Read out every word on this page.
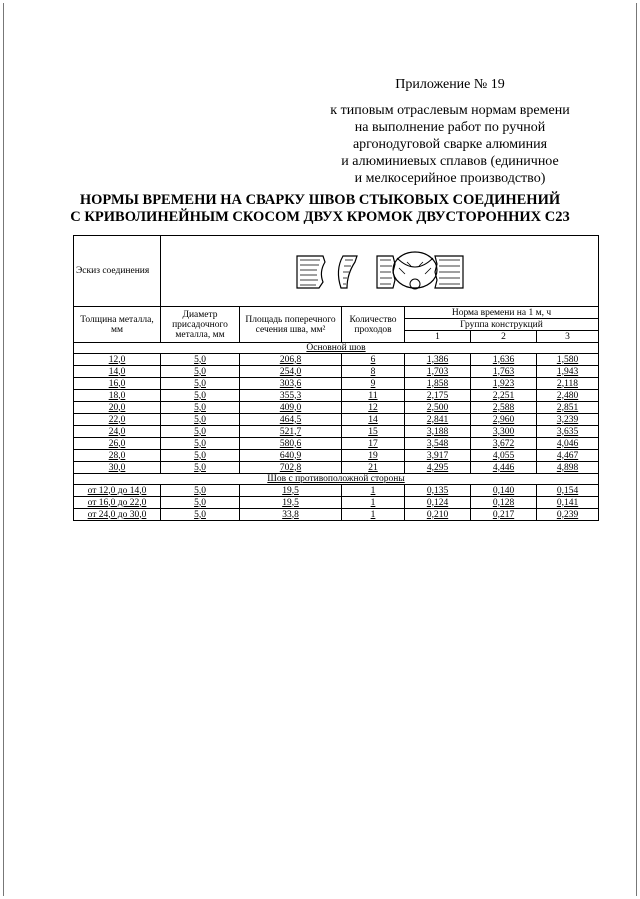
Приложение № 19
к типовым отраслевым нормам времени
на выполнение работ по ручной
аргонодуговой сварке алюминия
и алюминиевых сплавов (единичное
и мелкосерийное производство)
НОРМЫ ВРЕМЕНИ НА СВАРКУ ШВОВ СТЫКОВЫХ СОЕДИНЕНИЙ
С КРИВОЛИНЕЙНЫМ СКОСОМ ДВУХ КРОМОК ДВУСТОРОННИХ С23
Эскиз соединения	

Толщина металла, мм	Диаметр присадочного металла, мм	Площадь поперечного сечения шва, мм²	Количество проходов	Норма времени на 1 м, ч		
				Группа конструкций		
				1	2	3
Основной шов						
12,0	5,0	206,8	6	1,386	1,636	1,580
14,0	5,0	254,0	8	1,703	1,763	1,943
16,0	5,0	303,6	9	1,858	1,923	2,118
18,0	5,0	355,3	11	2,175	2,251	2,480
20,0	5,0	409,0	12	2,500	2,588	2,851
22,0	5,0	464,5	14	2,841	2,960	3,239
24,0	5,0	521,7	15	3,188	3,300	3,635
26,0	5,0	580,6	17	3,548	3,672	4,046
28,0	5,0	640,9	19	3,917	4,055	4,467
30,0	5,0	702,8	21	4,295	4,446	4,898
Шов с противоположной стороны						
от 12,0 до 14,0	5,0	19,5	1	0,135	0,140	0,154
от 16,0 до 22,0	5,0	19,5	1	0,124	0,128	0,141
от 24,0 до 30,0	5,0	33,8	1	0,210	0,217	0,239
